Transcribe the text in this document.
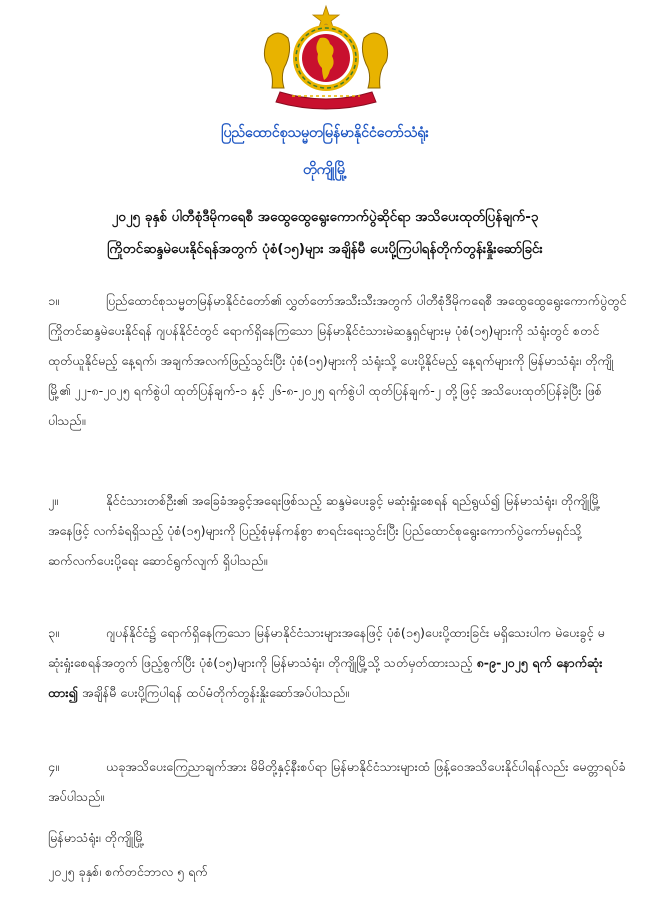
ပြည်ထောင်စုသမ္မတမြန်မာနိုင်ငံတော်သံရုံး
တိုကျိုမြို့
၂၀၂၅ ခုနှစ် ပါတီစုံဒီမိုကရေစီ အထွေထွေရွေးကောက်ပွဲဆိုင်ရာ အသိပေးထုတ်ပြန်ချက်-၃
ကြိုတင်ဆန္ဒမဲပေးနိုင်ရန်အတွက် ပုံစံ(၁၅)များ အချိန်မီ ပေးပို့ကြပါရန်တိုက်တွန်းနှိုးဆော်ခြင်း
၁။	ပြည်ထောင်စုသမ္မတမြန်မာနိုင်ငံတော်၏ လွှတ်တော်အသီးသီးအတွက် ပါတီစုံဒီမိုကရေစီ အထွေထွေရွေးကောက်ပွဲတွင် ကြိုတင်ဆန္ဒမဲပေးနိုင်ရန် ဂျပန်နိုင်ငံတွင် ရောက်ရှိနေကြသော မြန်မာနိုင်ငံသားမဲဆန္ဒရှင်များမှ ပုံစံ(၁၅)များကို သံရုံးတွင် စတင်ထုတ်ယူနိုင်မည့် နေ့ရက်၊ အချက်အလက်ဖြည့်သွင်းပြီး ပုံစံ(၁၅)များကို သံရုံးသို့ ပေးပို့နိုင်မည့် နေ့ရက်များကို မြန်မာသံရုံး၊ တိုကျိုမြို့၏ ၂၂-၈-၂၀၂၅ ရက်စွဲပါ ထုတ်ပြန်ချက်-၁ နှင့် ၂၆-၈-၂၀၂၅ ရက်စွဲပါ ထုတ်ပြန်ချက်-၂ တို့ဖြင့် အသိပေးထုတ်ပြန်ခဲ့ပြီး ဖြစ်ပါသည်။
၂။	နိုင်ငံသားတစ်ဦး၏ အခြေခံအခွင့်အရေးဖြစ်သည့် ဆန္ဒမဲပေးခွင့် မဆုံးရှုံးစေရန် ရည်ရွယ်၍ မြန်မာသံရုံး၊ တိုကျိုမြို့အနေဖြင့် လက်ခံရရှိသည့် ပုံစံ(၁၅)များကို ပြည့်စုံမှန်ကန်စွာ စာရင်းရေးသွင်းပြီး ပြည်ထောင်စုရွေးကောက်ပွဲကော်မရှင်သို့ ဆက်လက်ပေးပို့ရေး ဆောင်ရွက်လျက် ရှိပါသည်။
၃။	ဂျပန်နိုင်ငံ၌ ရောက်ရှိနေကြသော မြန်မာနိုင်ငံသားများအနေဖြင့် ပုံစံ(၁၅)ပေးပို့ထားခြင်း မရှိသေးပါက မဲပေးခွင့် မဆုံးရှုံးစေရန်အတွက် ဖြည့်စွက်ပြီး ပုံစံ(၁၅)များကို မြန်မာသံရုံး၊ တိုကျိုမြို့သို့ သတ်မှတ်ထားသည့် ၈-၉-၂၀၂၅ ရက် နောက်ဆုံးထား၍ အချိန်မီ ပေးပို့ကြပါရန် ထပ်မံတိုက်တွန်းနှိုးဆော်အပ်ပါသည်။
၄။	ယခုအသိပေးကြေညာချက်အား မိမိတို့နှင့်နီးစပ်ရာ မြန်မာနိုင်ငံသားများထံ ဖြန့်ဝေအသိပေးနိုင်ပါရန်လည်း မေတ္တာရပ်ခံအပ်ပါသည်။
မြန်မာသံရုံး၊ တိုကျိုမြို့
၂၀၂၅ ခုနှစ်၊ စက်တင်ဘာလ ၅ ရက်
